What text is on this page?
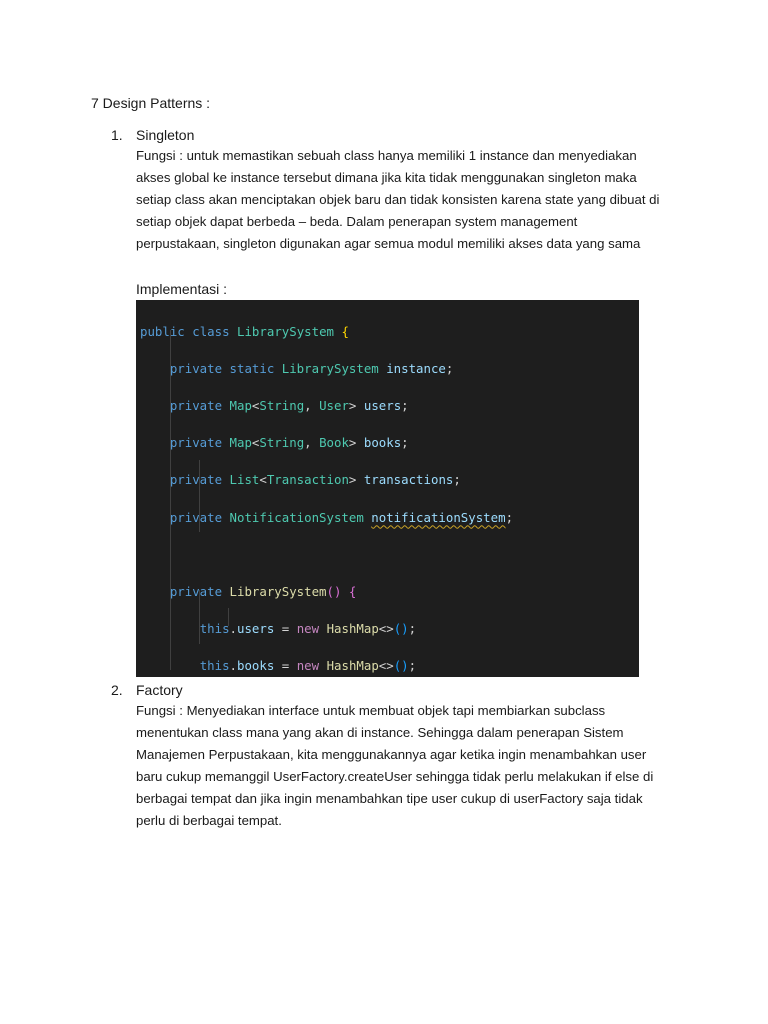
7 Design Patterns :
1. Singleton

Fungsi : untuk memastikan sebuah class hanya memiliki 1 instance dan menyediakan
akses global ke instance tersebut dimana jika kita tidak menggunakan singleton maka
setiap class akan menciptakan objek baru dan tidak konsisten karena state yang dibuat di
setiap objek dapat berbeda – beda. Dalam penerapan system management
perpustakaan, singleton digunakan agar semua modul memiliki akses data yang sama

Implementasi :

public class LibrarySystem {

private static LibrarySystem instance;

private Map<String, User> users;

private Map<String, Book> books;

private List<Transaction> transactions;

private NotificationSystem notificationSystem;

private LibrarySystem() {

this.users = new HashMap<>();

this.books = new HashMap<>();

2. Factory

Fungsi : Menyediakan interface untuk membuat objek tapi membiarkan subclass
menentukan class mana yang akan di instance. Sehingga dalam penerapan Sistem
Manajemen Perpustakaan, kita menggunakannya agar ketika ingin menambahkan user
baru cukup memanggil UserFactory.createUser sehingga tidak perlu melakukan if else di
berbagai tempat dan jika ingin menambahkan tipe user cukup di userFactory saja tidak
perlu di berbagai tempat.
